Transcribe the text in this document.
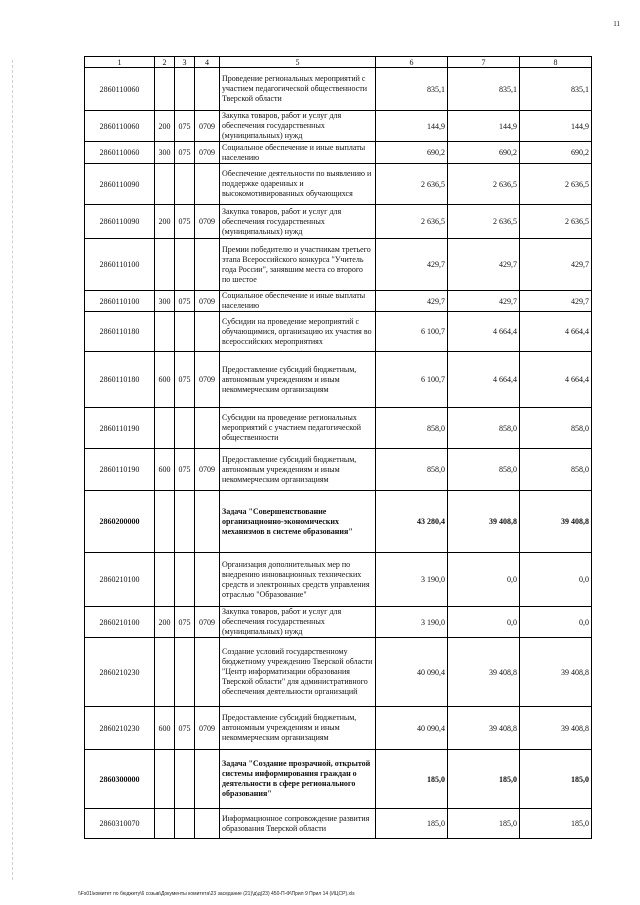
11
1	2	3	4	5	6	7	8
2860110060				Проведение региональных мероприятий с участием педагогической общественности Тверской области	835,1	835,1	835,1
2860110060	200	075	0709	Закупка товаров, работ и услуг для обеспечения государственных (муниципальных) нужд	144,9	144,9	144,9
2860110060	300	075	0709	Социальное обеспечение и иные выплаты населению	690,2	690,2	690,2
2860110090				Обеспечение деятельности по выявлению и поддержке одаренных и высокомотивированных обучающихся	2 636,5	2 636,5	2 636,5
2860110090	200	075	0709	Закупка товаров, работ и услуг для обеспечения государственных (муниципальных) нужд	2 636,5	2 636,5	2 636,5
2860110100				Премии победителю и участникам третьего этапа Всероссийского конкурса "Учитель года России", занявшим места со второго по шестое	429,7	429,7	429,7
2860110100	300	075	0709	Социальное обеспечение и иные выплаты населению	429,7	429,7	429,7
2860110180				Субсидии на проведение мероприятий с обучающимися, организацию их участия во всероссийских мероприятиях	6 100,7	4 664,4	4 664,4
2860110180	600	075	0709	Предоставление субсидий бюджетным, автономным учреждениям и иным некоммерческим организациям	6 100,7	4 664,4	4 664,4
2860110190				Субсидии на проведение региональных мероприятий с участием педагогической общественности	858,0	858,0	858,0
2860110190	600	075	0709	Предоставление субсидий бюджетным, автономным учреждениям и иным некоммерческим организациям	858,0	858,0	858,0
2860200000				Задача "Совершенствование организационно-экономических механизмов в системе образования"	43 280,4	39 408,8	39 408,8
2860210100				Организация дополнительных мер по внедрению инновационных технических средств и электронных средств управления отраслью "Образование"	3 190,0	0,0	0,0
2860210100	200	075	0709	Закупка товаров, работ и услуг для обеспечения государственных (муниципальных) нужд	3 190,0	0,0	0,0
2860210230				Создание условий государственному бюджетному учреждению Тверской области "Центр информатизации образования Тверской области" для административного обеспечения деятельности организаций	40 090,4	39 408,8	39 408,8
2860210230	600	075	0709	Предоставление субсидий бюджетным, автономным учреждениям и иным некоммерческим организациям	40 090,4	39 408,8	39 408,8
2860300000				Задача "Создание прозрачной, открытой системы информирования граждан о деятельности в сфере регионального образования"	185,0	185,0	185,0
2860310070				Информационное сопровождение развития образования Тверской области	185,0	185,0	185,0
\\Fs01\комитет по бюджету\6 созыв\Документы комитета\23 заседание (21)\д\д(23) 450-П-Ф\Прил 9 Прил 14 (ИЦСР).xls
